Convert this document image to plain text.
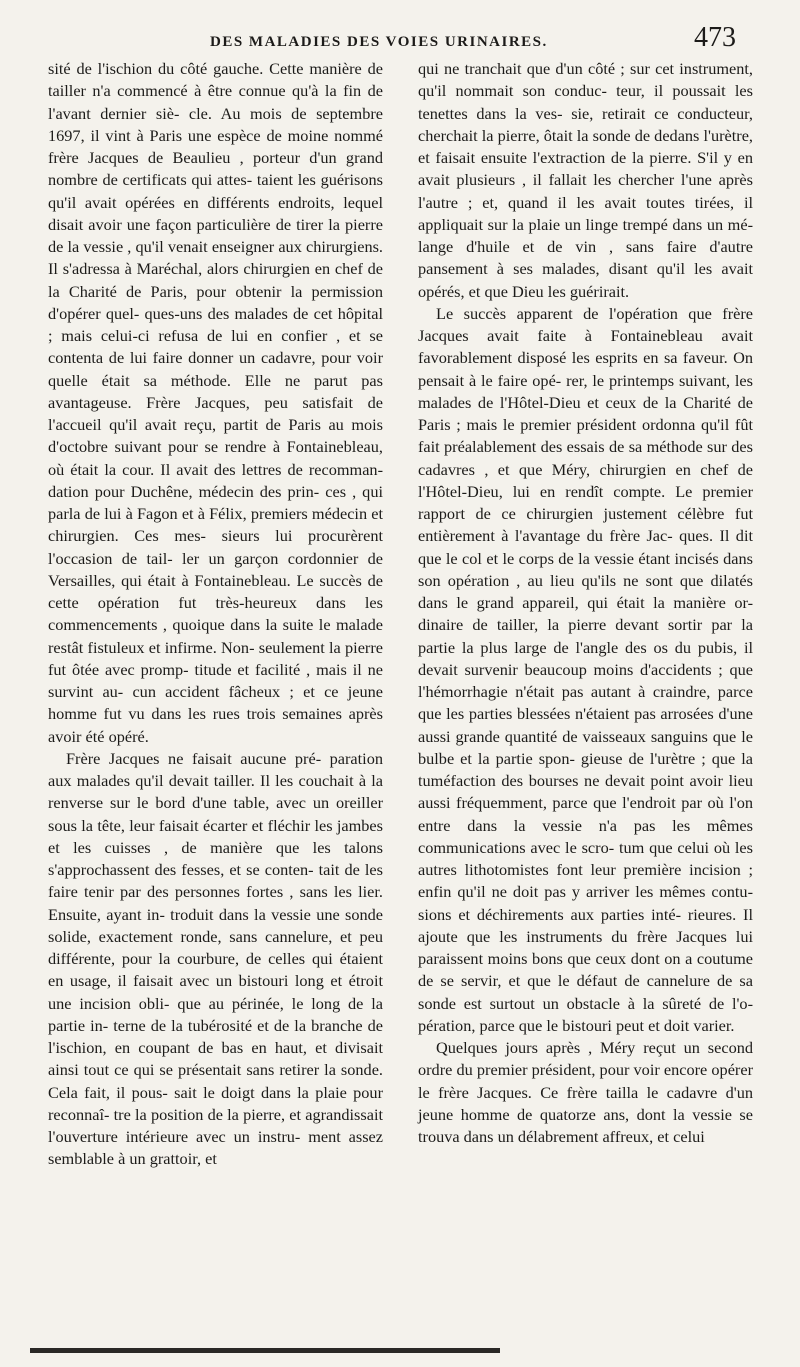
DES MALADIES DES VOIES URINAIRES.	473

sité de l'ischion du côté gauche. Cette manière de tailler n'a commencé à être connue qu'à la fin de l'avant dernier siè- cle. Au mois de septembre 1697, il vint à Paris une espèce de moine nommé frère Jacques de Beaulieu , porteur d'un grand nombre de certificats qui attes- taient les guérisons qu'il avait opérées en différents endroits, lequel disait avoir une façon particulière de tirer la pierre de la vessie , qu'il venait enseigner aux chirurgiens. Il s'adressa à Maréchal, alors chirurgien en chef de la Charité de Paris, pour obtenir la permission d'opérer quel- ques-uns des malades de cet hôpital ; mais celui-ci refusa de lui en confier , et se contenta de lui faire donner un cadavre, pour voir quelle était sa méthode. Elle ne parut pas avantageuse. Frère Jacques, peu satisfait de l'accueil qu'il avait reçu, partit de Paris au mois d'octobre suivant pour se rendre à Fontainebleau, où était la cour. Il avait des lettres de recomman- dation pour Duchêne, médecin des prin- ces , qui parla de lui à Fagon et à Félix, premiers médecin et chirurgien. Ces mes- sieurs lui procurèrent l'occasion de tail- ler un garçon cordonnier de Versailles, qui était à Fontainebleau. Le succès de cette opération fut très-heureux dans les commencements , quoique dans la suite le malade restât fistuleux et infirme. Non- seulement la pierre fut ôtée avec promp- titude et facilité , mais il ne survint au- cun accident fâcheux ; et ce jeune homme fut vu dans les rues trois semaines après avoir été opéré.

Frère Jacques ne faisait aucune pré- paration aux malades qu'il devait tailler. Il les couchait à la renverse sur le bord d'une table, avec un oreiller sous la tête, leur faisait écarter et fléchir les jambes et les cuisses , de manière que les talons s'approchassent des fesses, et se conten- tait de les faire tenir par des personnes fortes , sans les lier. Ensuite, ayant in- troduit dans la vessie une sonde solide, exactement ronde, sans cannelure, et peu différente, pour la courbure, de celles qui étaient en usage, il faisait avec un bistouri long et étroit une incision obli- que au périnée, le long de la partie in- terne de la tubérosité et de la branche de l'ischion, en coupant de bas en haut, et divisait ainsi tout ce qui se présentait sans retirer la sonde. Cela fait, il pous- sait le doigt dans la plaie pour reconnaî- tre la position de la pierre, et agrandissait l'ouverture intérieure avec un instru- ment assez semblable à un grattoir, et

qui ne tranchait que d'un côté ; sur cet instrument, qu'il nommait son conduc- teur, il poussait les tenettes dans la ves- sie, retirait ce conducteur, cherchait la pierre, ôtait la sonde de dedans l'urètre, et faisait ensuite l'extraction de la pierre. S'il y en avait plusieurs , il fallait les chercher l'une après l'autre ; et, quand il les avait toutes tirées, il appliquait sur la plaie un linge trempé dans un mé- lange d'huile et de vin , sans faire d'autre pansement à ses malades, disant qu'il les avait opérés, et que Dieu les guérirait.

Le succès apparent de l'opération que frère Jacques avait faite à Fontainebleau avait favorablement disposé les esprits en sa faveur. On pensait à le faire opé- rer, le printemps suivant, les malades de l'Hôtel-Dieu et ceux de la Charité de Paris ; mais le premier président ordonna qu'il fût fait préalablement des essais de sa méthode sur des cadavres , et que Méry, chirurgien en chef de l'Hôtel-Dieu, lui en rendît compte. Le premier rapport de ce chirurgien justement célèbre fut entièrement à l'avantage du frère Jac- ques. Il dit que le col et le corps de la vessie étant incisés dans son opération , au lieu qu'ils ne sont que dilatés dans le grand appareil, qui était la manière or- dinaire de tailler, la pierre devant sortir par la partie la plus large de l'angle des os du pubis, il devait survenir beaucoup moins d'accidents ; que l'hémorrhagie n'était pas autant à craindre, parce que les parties blessées n'étaient pas arrosées d'une aussi grande quantité de vaisseaux sanguins que le bulbe et la partie spon- gieuse de l'urètre ; que la tuméfaction des bourses ne devait point avoir lieu aussi fréquemment, parce que l'endroit par où l'on entre dans la vessie n'a pas les mêmes communications avec le scro- tum que celui où les autres lithotomistes font leur première incision ; enfin qu'il ne doit pas y arriver les mêmes contu- sions et déchirements aux parties inté- rieures. Il ajoute que les instruments du frère Jacques lui paraissent moins bons que ceux dont on a coutume de se servir, et que le défaut de cannelure de sa sonde est surtout un obstacle à la sûreté de l'o- pération, parce que le bistouri peut et doit varier.

Quelques jours après , Méry reçut un second ordre du premier président, pour voir encore opérer le frère Jacques. Ce frère tailla le cadavre d'un jeune homme de quatorze ans, dont la vessie se trouva dans un délabrement affreux, et celui
